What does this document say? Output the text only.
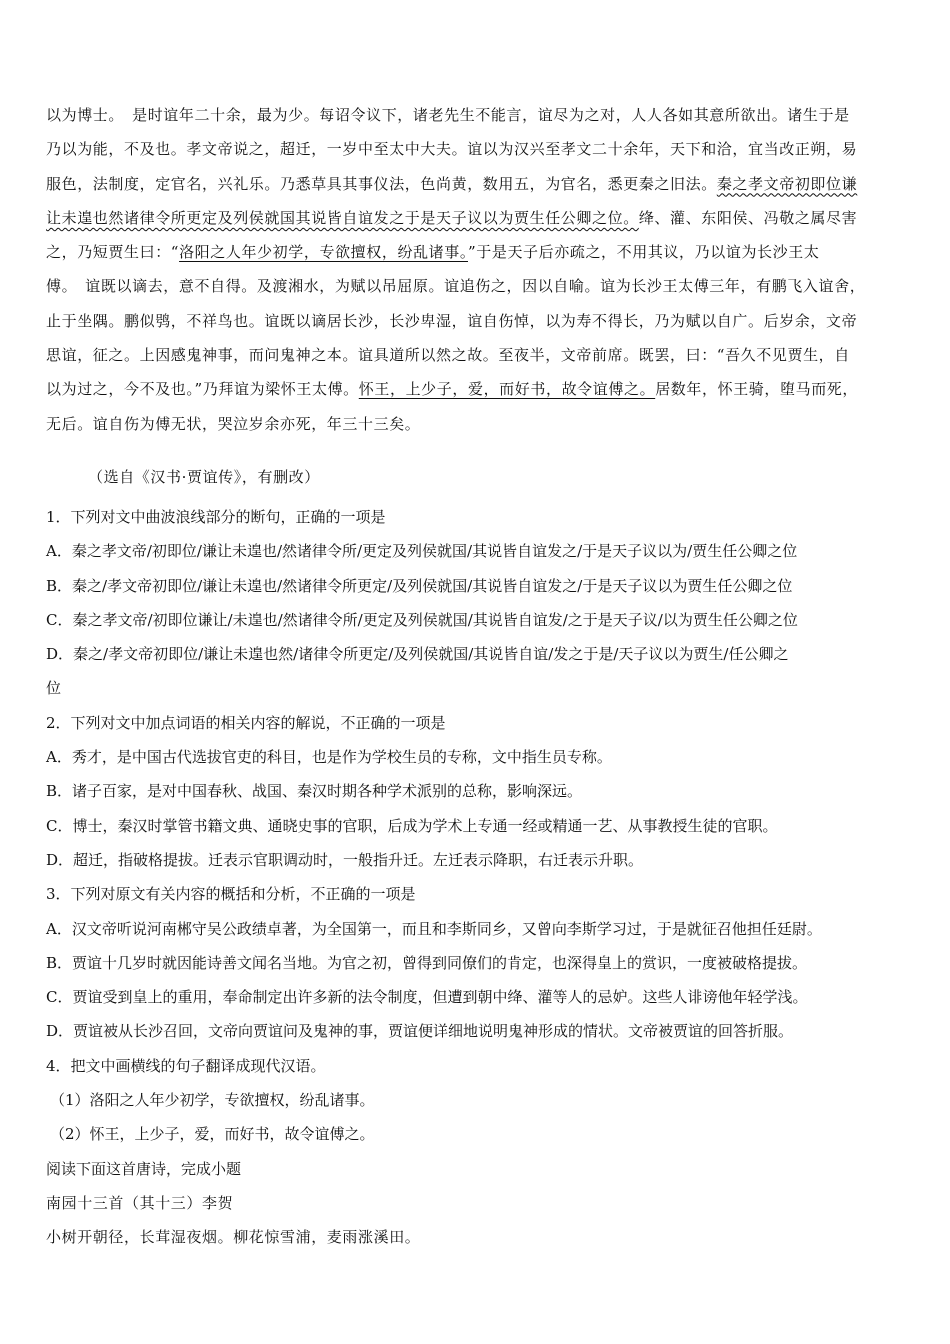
以为博士。　是时谊年二十余，最为少。每诏令议下，诸老先生不能言，谊尽为之对，人人各如其意所欲出。诸生于是

乃以为能，不及也。孝文帝说之，超迁，一岁中至太中大夫。谊以为汉兴至孝文二十余年，天下和洽，宜当改正朔，易

服色，法制度，定官名，兴礼乐。乃悉草具其事仪法，色尚黄，数用五，为官名，悉更秦之旧法。秦之孝文帝初即位谦

让未遑也然诸律令所更定及列侯就国其说皆自谊发之于是天子议以为贾生任公卿之位。绛、灌、东阳侯、冯敬之属尽害

之，乃短贾生曰：“洛阳之人年少初学，专欲擅权，纷乱诸事。”于是天子后亦疏之，不用其议，乃以谊为长沙王太

傅。　谊既以谪去，意不自得。及渡湘水，为赋以吊屈原。谊追伤之，因以自喻。谊为长沙王太傅三年，有鹏飞入谊舍，

止于坐隅。鹏似鸮，不祥鸟也。谊既以谪居长沙，长沙卑湿，谊自伤悼，以为寿不得长，乃为赋以自广。后岁余，文帝

思谊，征之。上因感鬼神事，而问鬼神之本。谊具道所以然之故。至夜半，文帝前席。既罢，曰：“吾久不见贾生，自

以为过之，今不及也。”乃拜谊为梁怀王太傅。怀王，上少子，爱，而好书，故令谊傅之。居数年，怀王骑，堕马而死，

无后。谊自伤为傅无状，哭泣岁余亦死，年三十三矣。

（选自《汉书·贾谊传》，有删改）
1．下列对文中曲波浪线部分的断句，正确的一项是
A．秦之孝文帝/初即位/谦让未遑也/然诸律令所/更定及列侯就国/其说皆自谊发之/于是天子议以为/贾生任公卿之位
B．秦之/孝文帝初即位/谦让未遑也/然诸律令所更定/及列侯就国/其说皆自谊发之/于是天子议以为贾生任公卿之位
C．秦之孝文帝/初即位谦让/未遑也/然诸律令所/更定及列侯就国/其说皆自谊发/之于是天子议/以为贾生任公卿之位
D．秦之/孝文帝初即位/谦让未遑也然/诸律令所更定/及列侯就国/其说皆自谊/发之于是/天子议以为贾生/任公卿之
位
2．下列对文中加点词语的相关内容的解说，不正确的一项是
A．秀才，是中国古代选拔官吏的科目，也是作为学校生员的专称，文中指生员专称。
B．诸子百家，是对中国春秋、战国、秦汉时期各种学术派别的总称，影响深远。
C．博士，秦汉时掌管书籍文典、通晓史事的官职，后成为学术上专通一经或精通一艺、从事教授生徒的官职。
D．超迁，指破格提拔。迁表示官职调动时，一般指升迁。左迁表示降职，右迁表示升职。
3．下列对原文有关内容的概括和分析，不正确的一项是
A．汉文帝听说河南郴守吴公政绩卓著，为全国第一，而且和李斯同乡，又曾向李斯学习过，于是就征召他担任廷尉。
B．贾谊十几岁时就因能诗善文闻名当地。为官之初，曾得到同僚们的肯定，也深得皇上的赏识，一度被破格提拔。
C．贾谊受到皇上的重用，奉命制定出许多新的法令制度，但遭到朝中绛、灌等人的忌妒。这些人诽谤他年轻学浅。
D．贾谊被从长沙召回，文帝向贾谊问及鬼神的事，贾谊便详细地说明鬼神形成的情状。文帝被贾谊的回答折服。
4．把文中画横线的句子翻译成现代汉语。
（1）洛阳之人年少初学，专欲擅权，纷乱诸事。
（2）怀王，上少子，爱，而好书，故令谊傅之。
阅读下面这首唐诗，完成小题
南园十三首（其十三）李贺
小树开朝径，长茸湿夜烟。柳花惊雪浦，麦雨涨溪田。
